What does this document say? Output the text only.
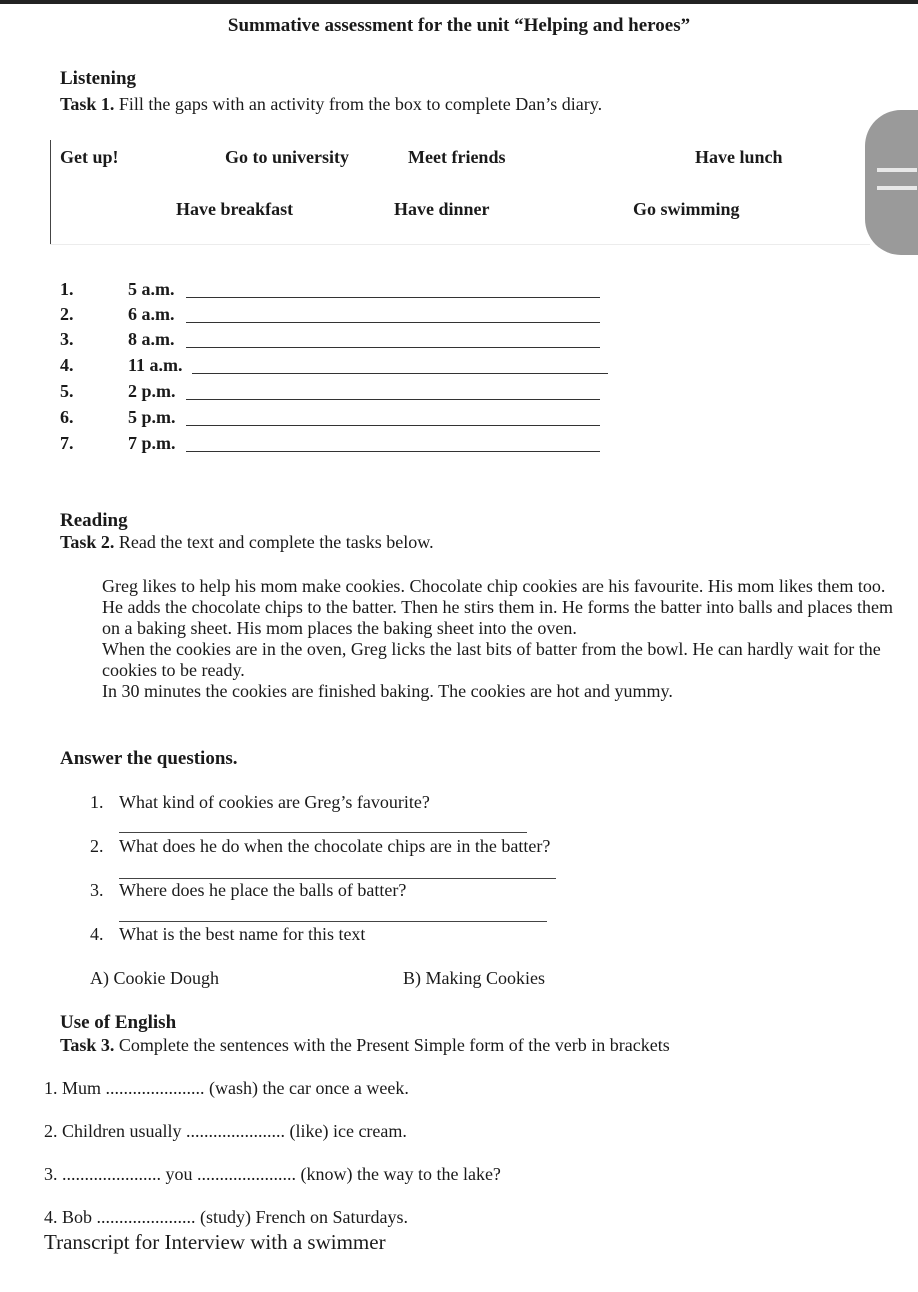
Summative assessment for the unit “Helping and heroes”
Listening
Task 1. Fill the gaps with an activity from the box to complete Dan’s diary.
Get up!	Go to university	Meet friends	Have lunch
Have breakfast	Have dinner	Go swimming
1.	5 a.m.
2.	6 a.m.
3.	8 a.m.
4.	11 a.m.
5.	2 p.m.
6.	5 p.m.
7.	7 p.m.
Reading
Task 2. Read the text and complete the tasks below.
Greg likes to help his mom make cookies. Chocolate chip cookies are his favourite. His mom likes them too.
He adds the chocolate chips to the batter. Then he stirs them in. He forms the batter into balls and places them on a baking sheet. His mom places the baking sheet into the oven.
When the cookies are in the oven, Greg licks the last bits of batter from the bowl. He can hardly wait for the cookies to be ready.
In 30 minutes the cookies are finished baking. The cookies are hot and yummy.
Answer the questions.
1. What kind of cookies are Greg’s favourite?
2. What does he do when the chocolate chips are in the batter?
3. Where does he place the balls of batter?
4. What is the best name for this text
A) Cookie Dough	B) Making Cookies
Use of English
Task 3. Complete the sentences with the Present Simple form of the verb in brackets
1. Mum ...................... (wash) the car once a week.
2. Children usually ...................... (like) ice cream.
3. ...................... you ...................... (know) the way to the lake?
4. Bob ...................... (study) French on Saturdays.
Transcript for Interview with a swimmer
